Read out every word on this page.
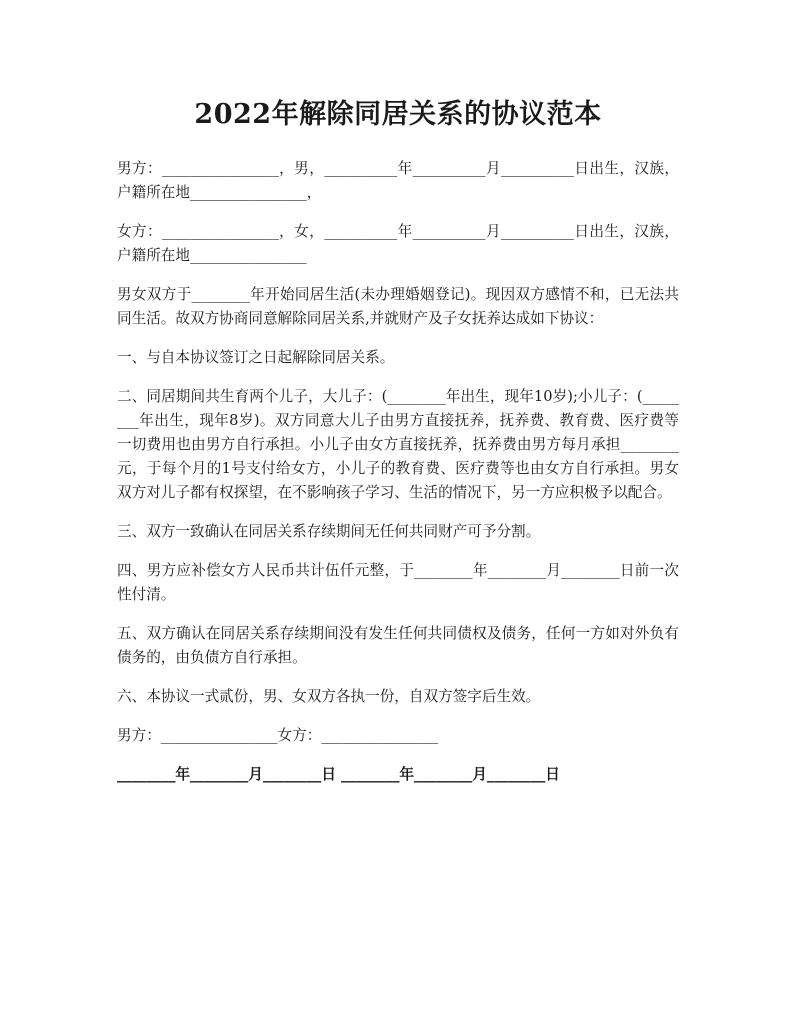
2022年解除同居关系的协议范本

男方：________________，男，__________年__________月__________日出生，汉族，户籍所在地________________，

女方：________________，女，__________年__________月__________日出生，汉族，户籍所在地________________

男女双方于________年开始同居生活(未办理婚姻登记)。现因双方感情不和，已无法共同生活。故双方协商同意解除同居关系,并就财产及子女抚养达成如下协议：

一、与自本协议签订之日起解除同居关系。

二、同居期间共生育两个儿子，大儿子：(________年出生，现年10岁);小儿子：(________年出生，现年8岁)。双方同意大儿子由男方直接抚养，抚养费、教育费、医疗费等一切费用也由男方自行承担。小儿子由女方直接抚养，抚养费由男方每月承担________元，于每个月的1号支付给女方，小儿子的教育费、医疗费等也由女方自行承担。男女双方对儿子都有权探望，在不影响孩子学习、生活的情况下，另一方应积极予以配合。

三、双方一致确认在同居关系存续期间无任何共同财产可予分割。

四、男方应补偿女方人民币共计伍仟元整，于________年________月________日前一次性付清。

五、双方确认在同居关系存续期间没有发生任何共同债权及债务，任何一方如对外负有债务的，由负债方自行承担。

六、本协议一式贰份，男、女双方各执一份，自双方签字后生效。

男方：________________女方：________________

________年________月________日 ________年________月________日
